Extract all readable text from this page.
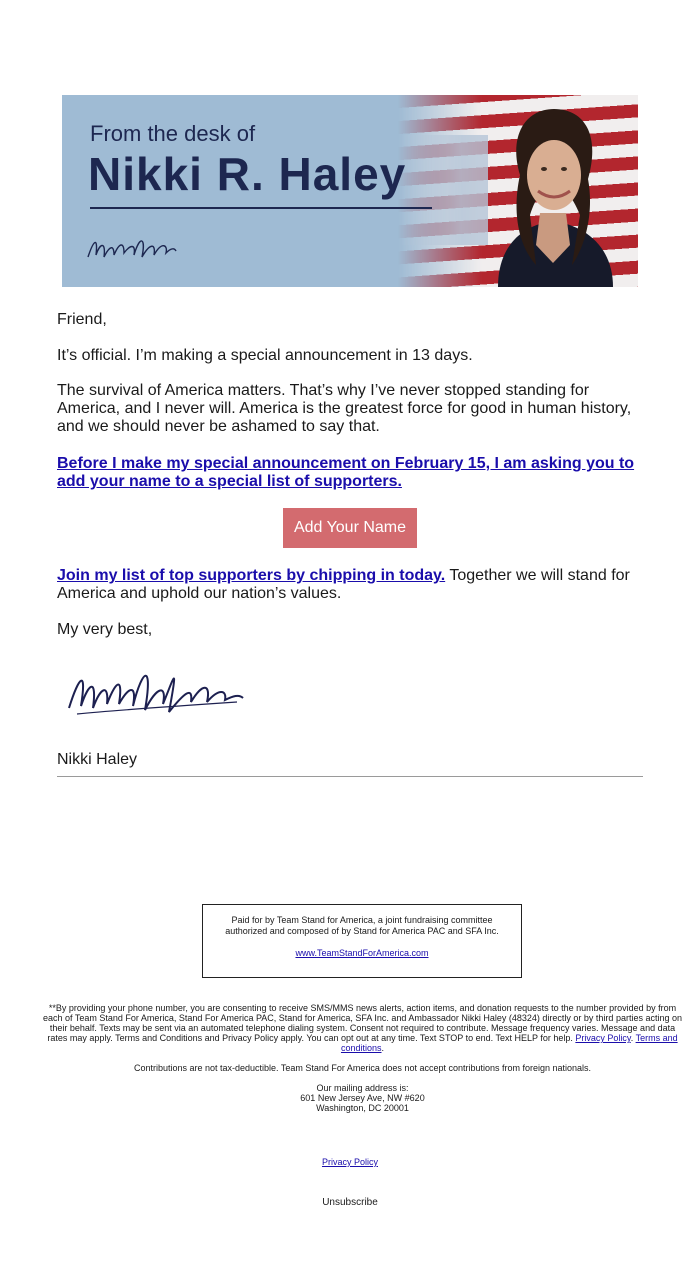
From the desk of
Nikki R. Haley
Friend,
It’s official. I’m making a special announcement in 13 days.
The survival of America matters. That’s why I’ve never stopped standing for America, and I never will. America is the greatest force for good in human history, and we should never be ashamed to say that.
Before I make my special announcement on February 15, I am asking you to add your name to a special list of supporters.
Add Your Name
Join my list of top supporters by chipping in today. Together we will stand for America and uphold our nation’s values.
My very best,
Nikki Haley
Paid for by Team Stand for America, a joint fundraising committee authorized and composed of by Stand for America PAC and SFA Inc.
www.TeamStandForAmerica.com
**By providing your phone number, you are consenting to receive SMS/MMS news alerts, action items, and donation requests to the number provided by from each of Team Stand For America, Stand For America PAC, Stand for America, SFA Inc. and Ambassador Nikki Haley (48324) directly or by third parties acting on their behalf. Texts may be sent via an automated telephone dialing system. Consent not required to contribute. Message frequency varies. Message and data rates may apply. Terms and Conditions and Privacy Policy apply. You can opt out at any time. Text STOP to end. Text HELP for help. Privacy Policy. Terms and conditions.
Contributions are not tax-deductible. Team Stand For America does not accept contributions from foreign nationals.
Our mailing address is:
601 New Jersey Ave, NW #620
Washington, DC 20001
Privacy Policy
Unsubscribe
